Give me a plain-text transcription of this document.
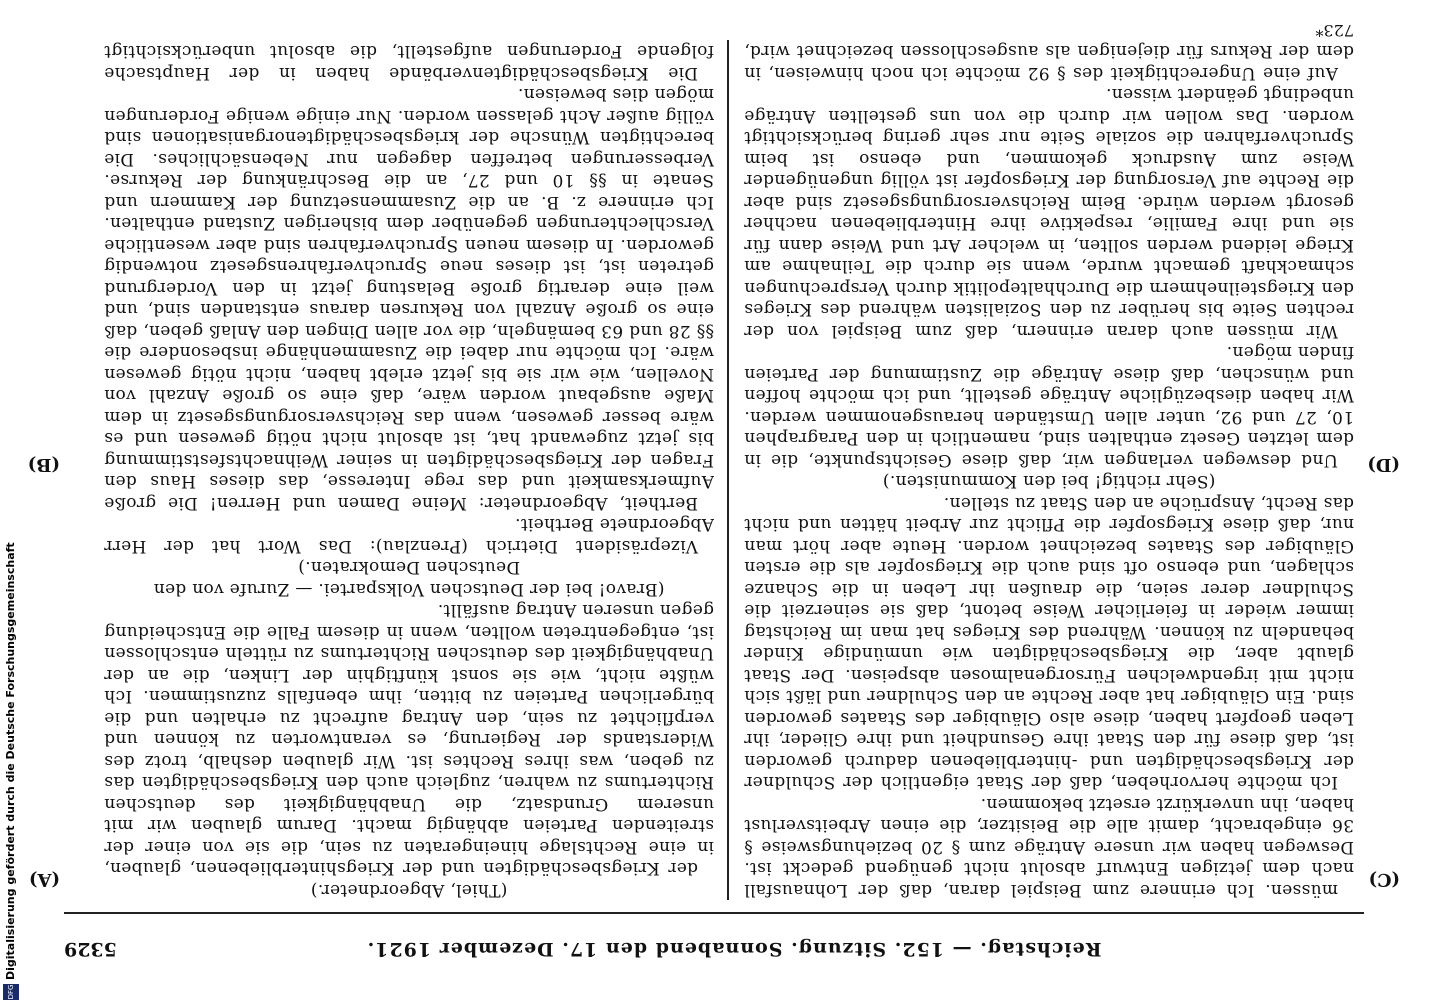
Reichstag. — 152. Sitzung. Sonnabend den 17. Dezember 1921.
5329
(A)
(B)
(C)
(D)

(Thiel, Abgeordneter.)

der Kriegsbeschädigten und der Kriegshinterbliebenen, glauben, in eine Rechtslage hineingeraten zu sein, die sie von einer der streitenden Parteien abhängig macht. Darum glauben wir mit unserem Grundsatz, die Unabhängigkeit des deutschen Richtertums zu wahren, zugleich auch den Kriegsbeschädigten das zu geben, was ihres Rechtes ist. Wir glauben deshalb, trotz des Widerstands der Regierung, es verantworten zu können und verpflichtet zu sein, den Antrag aufrecht zu erhalten und die bürgerlichen Parteien zu bitten, ihm ebenfalls zuzustimmen. Ich wüßte nicht, wie sie sonst künftighin der Linken, die an der Unabhängigkeit des deutschen Richtertums zu rütteln entschlossen ist, entgegentreten wollten, wenn in diesem Falle die Entscheidung gegen unseren Antrag ausfällt.

(Bravo! bei der Deutschen Volkspartei. — Zurufe von den Deutschen Demokraten.)

Vizepräsident Dietrich (Prenzlau): Das Wort hat der Herr Abgeordnete Bertheit.

Bertheit, Abgeordneter: Meine Damen und Herren! Die große Aufmerksamkeit und das rege Interesse, das dieses Haus den Fragen der Kriegsbeschädigten in seiner Weihnachtsfeststimmung bis jetzt zugewandt hat, ist absolut nicht nötig gewesen und es wäre besser gewesen, wenn das Reichsversorgungsgesetz in dem Maße ausgebaut worden wäre, daß eine so große Anzahl von Novellen, wie wir sie bis jetzt erlebt haben, nicht nötig gewesen wäre. Ich möchte nur dabei die Zusammenhänge insbesondere die §§ 28 und 63 bemängeln, die vor allen Dingen den Anlaß geben, daß eine so große Anzahl von Rekursen daraus entstanden sind, und weil eine derartig große Belastung jetzt in den Vordergrund getreten ist, ist dieses neue Spruchverfahrensgesetz notwendig geworden. In diesem neuen Spruchverfahren sind aber wesentliche Verschlechterungen gegenüber dem bisherigen Zustand enthalten. Ich erinnere z. B. an die Zusammensetzung der Kammern und Senate in §§ 10 und 27, an die Beschränkung der Rekurse. Verbesserungen betreffen dagegen nur Nebensächliches. Die berechtigten Wünsche der kriegsbeschädigtenorganisationen sind völlig außer Acht gelassen worden. Nur einige wenige Forderungen mögen dies beweisen.

Die Kriegsbeschädigtenverbände haben in der Hauptsache folgende Forderungen aufgestellt, die absolut unberücksichtigt

müssen. Ich erinnere zum Beispiel daran, daß der Lohnausfall nach dem jetzigen Entwurf absolut nicht genügend gedeckt ist. Deswegen haben wir unsere Anträge zum § 20 beziehungsweise § 36 eingebracht, damit alle die Beisitzer, die einen Arbeitsverlust haben, ihn unverkürzt ersetzt bekommen.

Ich möchte hervorheben, daß der Staat eigentlich der Schuldner der Kriegsbeschädigten und -hinterbliebenen dadurch geworden ist, daß diese für den Staat ihre Gesundheit und ihre Glieder, ihr Leben geopfert haben, diese also Gläubiger des Staates geworden sind. Ein Gläubiger hat aber Rechte an den Schuldner und läßt sich nicht mit irgendwelchen Fürsorgenalmosen abspeisen. Der Staat glaubt aber, die Kriegsbeschädigten wie unmündige Kinder behandeln zu können. Während des Krieges hat man im Reichstag immer wieder in feierlicher Weise betont, daß sie seinerzeit die Schuldner derer seien, die draußen ihr Leben in die Schanze schlagen, und ebenso oft sind auch die Kriegsopfer als die ersten Gläubiger des Staates bezeichnet worden. Heute aber hört man nur, daß diese Kriegsopfer die Pflicht zur Arbeit hätten und nicht das Recht, Ansprüche an den Staat zu stellen.

(Sehr richtig! bei den Kommunisten.)

Und deswegen verlangen wir, daß diese Gesichtspunkte, die in dem letzten Gesetz enthalten sind, namentlich in den Paragraphen 10, 27 und 92, unter allen Umständen herausgenommen werden. Wir haben diesbezügliche Anträge gestellt, und ich möchte hoffen und wünschen, daß diese Anträge die Zustimmung der Parteien finden mögen.

Wir müssen auch daran erinnern, daß zum Beispiel von der rechten Seite bis herüber zu den Sozialisten während des Krieges den Kriegsteilnehmern die Durchhaltepolitik durch Versprechungen schmackhaft gemacht wurde, wenn sie durch die Teilnahme am Kriege leidend werden sollten, in welcher Art und Weise dann für sie und ihre Familie, respektive ihre Hinterbliebenen nachher gesorgt werden würde. Beim Reichsversorgungsgesetz sind aber die Rechte auf Versorgung der Kriegsopfer ist völlig ungenügender Weise zum Ausdruck gekommen, und ebenso ist beim Spruchverfahren die soziale Seite nur sehr gering berücksichtigt worden. Das wollen wir durch die von uns gestellten Anträge unbedingt geändert wissen.

Auf eine Ungerechtigkeit des § 92 möchte ich noch hinweisen, in dem der Rekurs für diejenigen als ausgeschlossen bezeichnet wird,

723*
DFG
Digitalisierung gefördert durch die Deutsche Forschungsgemeinschaft
